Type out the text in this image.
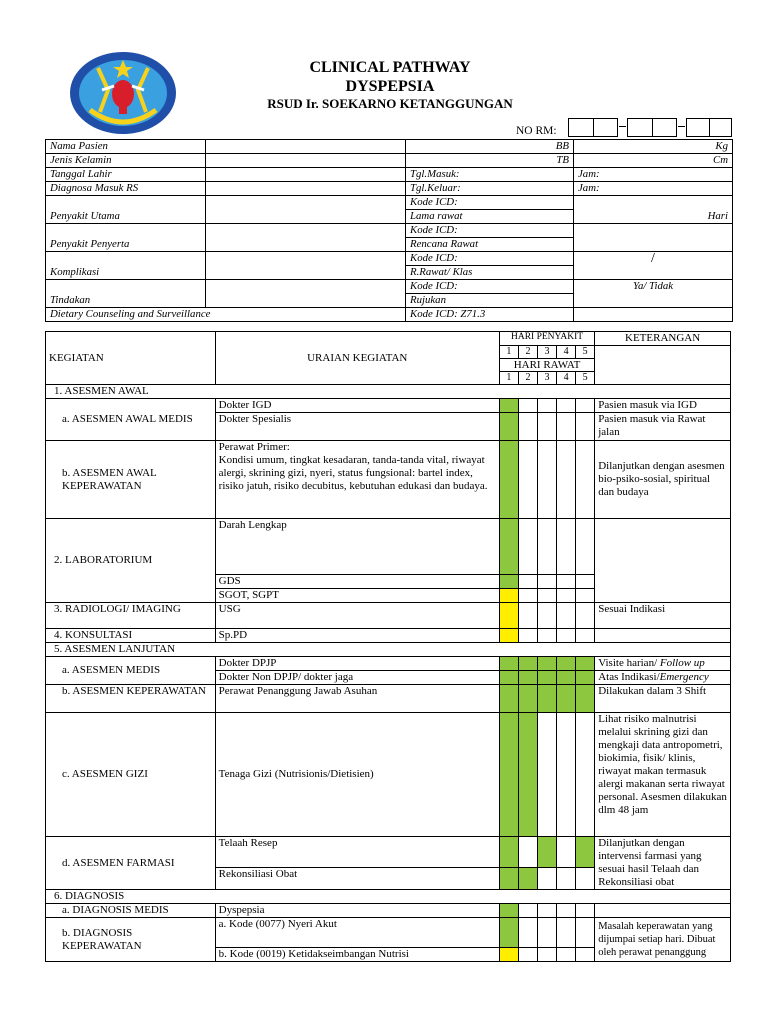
CLINICAL PATHWAY
DYSPEPSIA
RSUD Ir. SOEKARNO KETANGGUNGAN
NO RM:
Nama Pasien		BB	Kg
Jenis Kelamin		TB	Cm
Tanggal Lahir		Tgl.Masuk:	Jam:
Diagnosa Masuk RS		Tgl.Keluar:	Jam:
Penyakit Utama		Kode ICD:	Hari
		Lama rawat	
Penyakit Penyerta		Kode ICD:	
		Rencana Rawat	
Komplikasi		Kode ICD:	/
		R.Rawat/ Klas	
Tindakan		Kode ICD:	Ya/ Tidak
		Rujukan	
Dietary Counseling and Surveillance		Kode ICD: Z71.3	
KEGIATAN	URAIAN KEGIATAN	HARI PENYAKIT					KETERANGAN
		1	2	3	4	5	
		HARI RAWAT					
		1	2	3	4	5	
1. ASESMEN AWAL							
a. ASESMEN AWAL MEDIS	Dokter IGD						Pasien masuk via IGD
	Dokter Spesialis						Pasien masuk via Rawat jalan
b. ASESMEN AWAL KEPERAWATAN	Perawat Primer:
Kondisi umum, tingkat kesadaran, tanda-tanda vital, riwayat alergi, skrining gizi, nyeri, status fungsional: bartel index, risiko jatuh, risiko decubitus, kebutuhan edukasi dan budaya.						Dilanjutkan dengan asesmen bio-psiko-sosial, spiritual dan budaya
2. LABORATORIUM	Darah Lengkap						
	GDS						
	SGOT, SGPT						
3. RADIOLOGI/ IMAGING	USG						Sesuai Indikasi
4. KONSULTASI	Sp.PD						
5. ASESMEN LANJUTAN							
a. ASESMEN MEDIS	Dokter DPJP						Visite harian/ Follow up
	Dokter Non DPJP/ dokter jaga						Atas Indikasi/Emergency
b. ASESMEN KEPERAWATAN	Perawat Penanggung Jawab Asuhan						Dilakukan dalam 3 Shift
c. ASESMEN GIZI	Tenaga Gizi (Nutrisionis/Dietisien)						Lihat risiko malnutrisi melalui skrining gizi dan mengkaji data antropometri, biokimia, fisik/ klinis, riwayat makan termasuk alergi makanan serta riwayat personal. Asesmen dilakukan dlm 48 jam
d. ASESMEN FARMASI	Telaah Resep						Dilanjutkan dengan intervensi farmasi yang sesuai hasil Telaah dan Rekonsiliasi obat
	Rekonsiliasi Obat						
6. DIAGNOSIS							
a. DIAGNOSIS MEDIS	Dyspepsia						
b. DIAGNOSIS KEPERAWATAN	a. Kode (0077) Nyeri Akut						Masalah keperawatan yang dijumpai setiap hari. Dibuat oleh perawat penanggung
	b. Kode (0019) Ketidakseimbangan Nutrisi						
